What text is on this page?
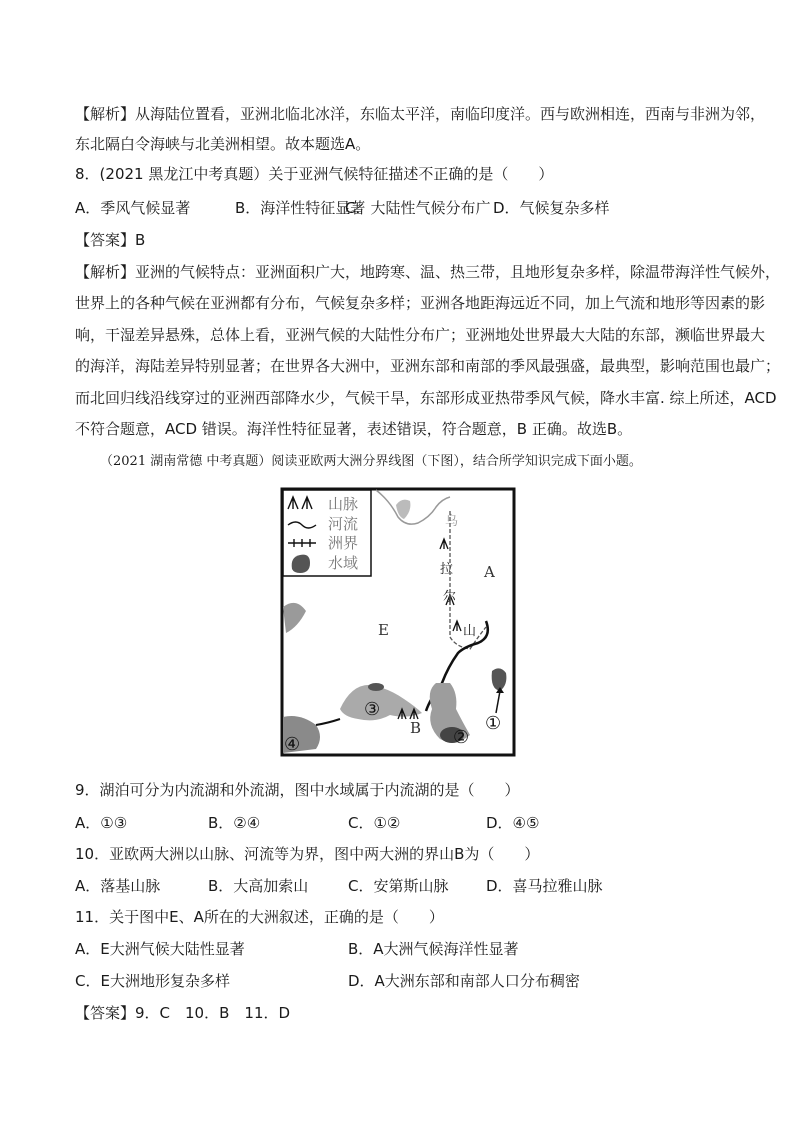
【解析】从海陆位置看，亚洲北临北冰洋，东临太平洋，南临印度洋。西与欧洲相连，西南与非洲为邻，
东北隔白令海峡与北美洲相望。故本题选A。
8．(2021 黑龙江中考真题）关于亚洲气候特征描述不正确的是（　　）
A．季风气候显著	B．海洋性特征显著
C．大陆性气候分布广 D．气候复杂多样
【答案】B
【解析】亚洲的气候特点：亚洲面积广大，地跨寒、温、热三带，且地形复杂多样，除温带海洋性气候外，
世界上的各种气候在亚洲都有分布，气候复杂多样；亚洲各地距海远近不同，加上气流和地形等因素的影
响，干湿差异悬殊，总体上看，亚洲气候的大陆性分布广；亚洲地处世界最大大陆的东部，濒临世界最大
的海洋，海陆差异特别显著；在世界各大洲中，亚洲东部和南部的季风最强盛，最典型，影响范围也最广；
而北回归线沿线穿过的亚洲西部降水少，气候干旱，东部形成亚热带季风气候，降水丰富. 综上所述，ACD
不符合题意，ACD 错误。海洋性特征显著，表述错误，符合题意，B 正确。故选B。
（2021 湖南常德 中考真题）阅读亚欧两大洲分界线图（下图），结合所学知识完成下面小题。
山脉
河流
洲界
水域
乌
拉
尔
山
E
A
B	①
②
③
④
9．湖泊可分为内流湖和外流湖，图中水域属于内流湖的是（　　）
A．①③	B．②④	C．①②	D．④⑤
10．亚欧两大洲以山脉、河流等为界，图中两大洲的界山B为（　　）
A．落基山脉	B．大高加索山	C．安第斯山脉	D．喜马拉雅山脉
11．关于图中E、A所在的大洲叙述，正确的是（　　）
A．E大洲气候大陆性显著	B．A大洲气候海洋性显著
C．E大洲地形复杂多样	D．A大洲东部和南部人口分布稠密
【答案】9．C　10．B　11．D
